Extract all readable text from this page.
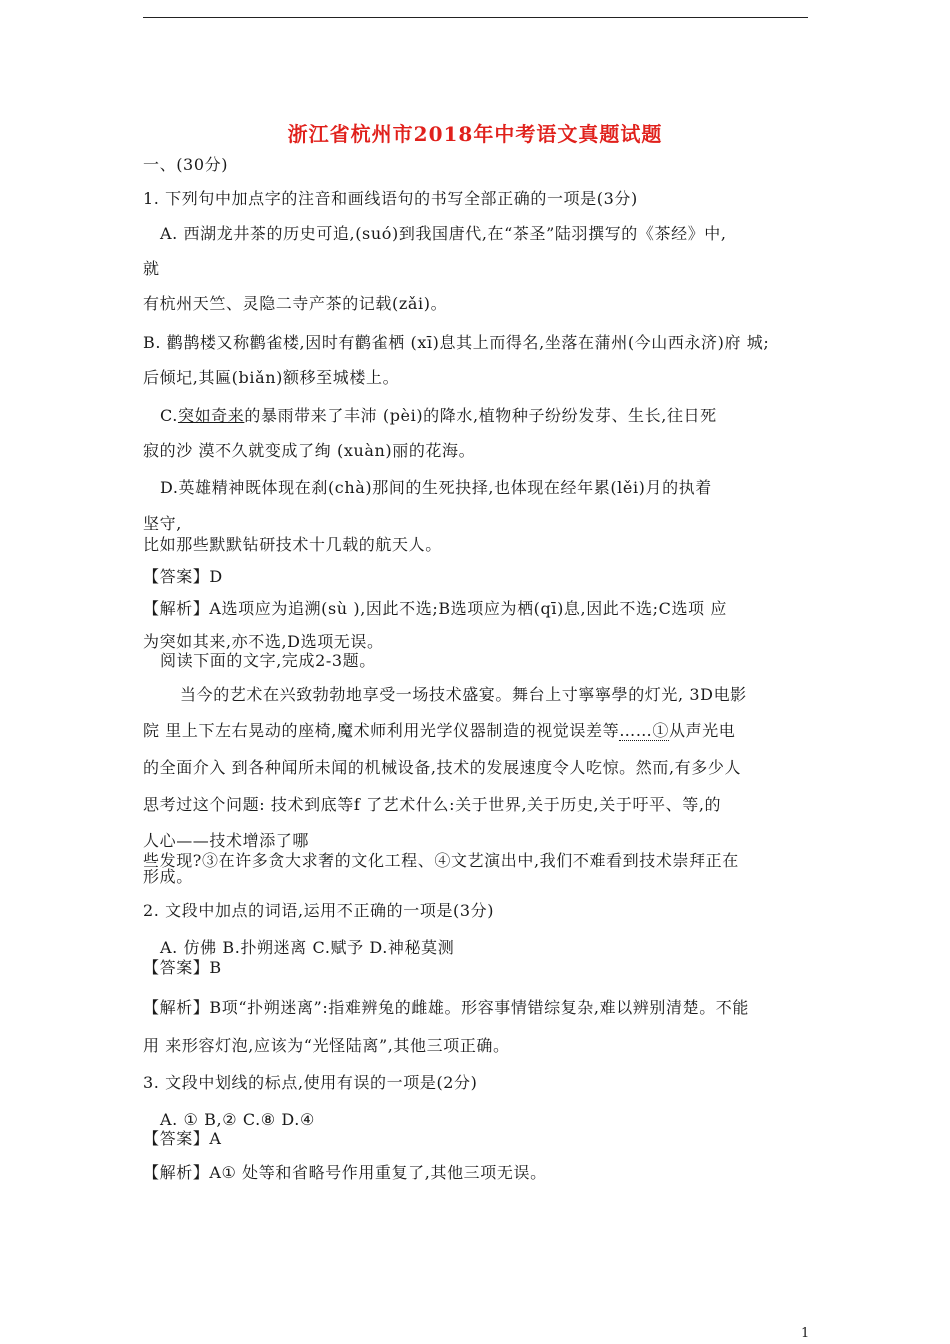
浙江省杭州市2018年中考语文真题试题
一、(30分)
1. 下列句中加点字的注音和画线语句的书写全部正确的一项是(3分)
A. 西湖龙井茶的历史可追,(suó)到我国唐代,在“茶圣”陆羽撰写的《茶经》中,
就
有杭州天竺、灵隐二寺产茶的记载(zǎi)。
B. 鹳鹊楼又称鹳雀楼,因时有鹳雀栖 (xī)息其上而得名,坐落在蒲州(今山西永济)府 城;
后倾圮,其匾(biǎn)额移至城楼上。
C.突如奇来的暴雨带来了丰沛 (pèi)的降水,植物种子纷纷发芽、生长,往日死
寂的沙 漠不久就变成了绚 (xuàn)丽的花海。
D.英雄精神既体现在刹(chà)那间的生死抉择,也体现在经年累(lěi)月的执着
坚守,
比如那些默默钻研技术十几载的航天人。
【答案】D
【解析】A选项应为追溯(sù ),因此不选;B选项应为栖(qī)息,因此不选;C选项 应
为突如其来,亦不选,D选项无误。
阅读下面的文字,完成2-3题。
当今的艺术在兴致勃勃地享受一场技术盛宴。舞台上寸寧寧學的灯光, 3D电影
院 里上下左右晃动的座椅,魔术师利用光学仪器制造的视觉误差等……①从声光电
的全面介入 到各种闻所未闻的机械设备,技术的发展速度令人吃惊。然而,有多少人
思考过这个问题: 技术到底等f 了艺术什么:关于世界,关于历史,关于吁平、等,的
人心——技术增添了哪
些发现?③在许多贪大求奢的文化工程、④文艺演出中,我们不难看到技术崇拜正在
形成。
2. 文段中加点的词语,运用不正确的一项是(3分)
A. 仿佛 B.扑朔迷离 C.赋予 D.神秘莫测
【答案】B
【解析】B项“扑朔迷离”:指难辨兔的雌雄。形容事情错综复杂,难以辨别清楚。不能
用 来形容灯泡,应该为“光怪陆离”,其他三项正确。
3. 文段中划线的标点,使用有误的一项是(2分)
A. ① B,② C.⑧ D.④
【答案】A
【解析】A① 处等和省略号作用重复了,其他三项无误。
1
